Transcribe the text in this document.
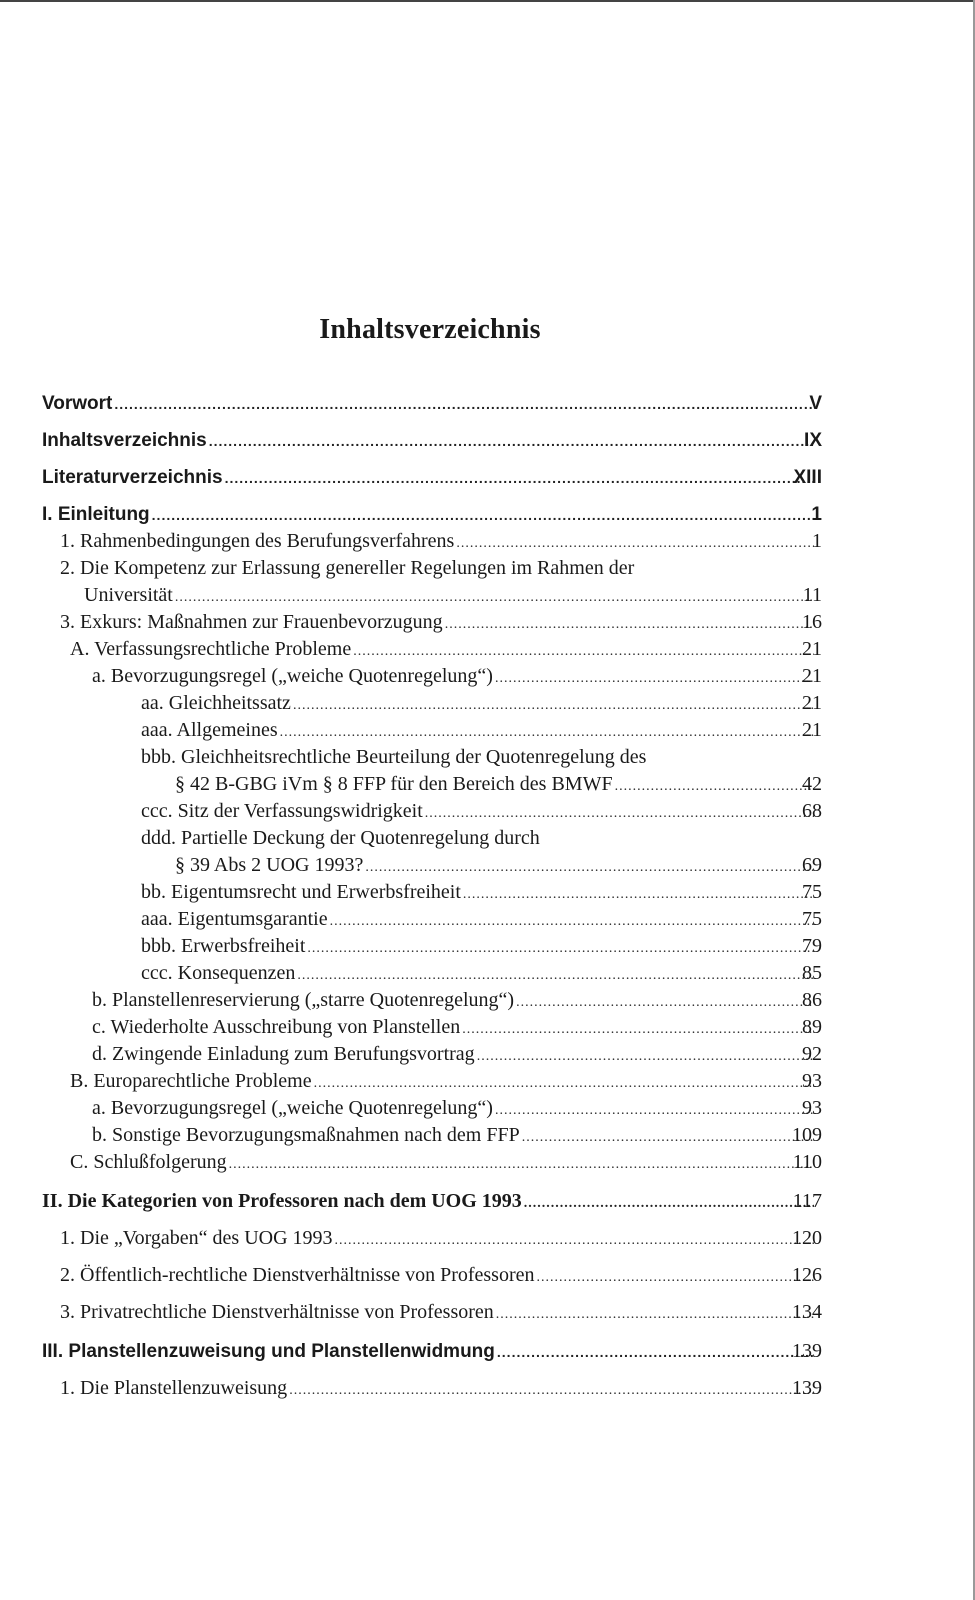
Inhaltsverzeichnis
Vorwort .....	V
Inhaltsverzeichnis .....	IX
Literaturverzeichnis .....	XIII
I. Einleitung .....	1
1. Rahmenbedingungen des Berufungsverfahrens .....	1
2. Die Kompetenz zur Erlassung genereller Regelungen im Rahmen der
Universität .....	11
3. Exkurs: Maßnahmen zur Frauenbevorzugung .....	16
A. Verfassungsrechtliche Probleme .....	21
a. Bevorzugungsregel („weiche Quotenregelung“) .....	21
aa. Gleichheitssatz .....	21
aaa. Allgemeines .....	21
bbb. Gleichheitsrechtliche Beurteilung der Quotenregelung des
§ 42 B-GBG iVm § 8 FFP für den Bereich des BMWF .....	42
ccc. Sitz der Verfassungswidrigkeit .....	68
ddd. Partielle Deckung der Quotenregelung durch
§ 39 Abs 2 UOG 1993? .....	69
bb. Eigentumsrecht und Erwerbsfreiheit .....	75
aaa. Eigentumsgarantie .....	75
bbb. Erwerbsfreiheit .....	79
ccc. Konsequenzen .....	85
b. Planstellenreservierung („starre Quotenregelung“) .....	86
c. Wiederholte Ausschreibung von Planstellen .....	89
d. Zwingende Einladung zum Berufungsvortrag .....	92
B. Europarechtliche Probleme .....	93
a. Bevorzugungsregel („weiche Quotenregelung“) .....	93
b. Sonstige Bevorzugungsmaßnahmen nach dem FFP .....	109
C. Schlußfolgerung .....	110
II. Die Kategorien von Professoren nach dem UOG 1993 .....	117
1. Die „Vorgaben“ des UOG 1993 .....	120
2. Öffentlich-rechtliche Dienstverhältnisse von Professoren .....	126
3. Privatrechtliche Dienstverhältnisse von Professoren .....	134
III. Planstellenzuweisung und Planstellenwidmung .....	139
1. Die Planstellenzuweisung .....	139
